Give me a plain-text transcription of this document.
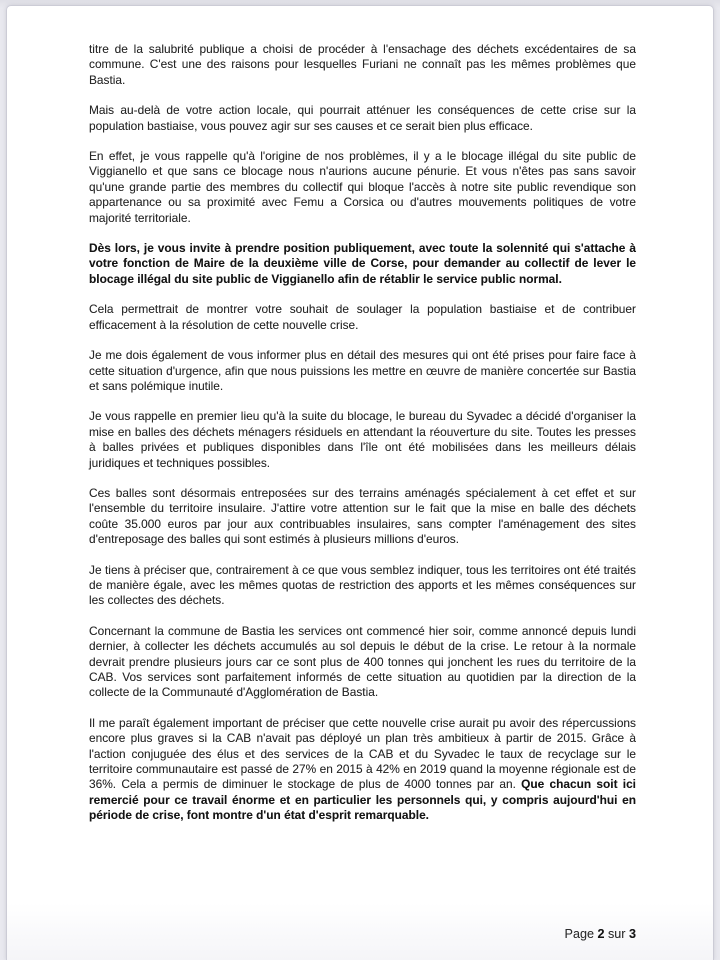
titre de la salubrité publique a choisi de procéder à l'ensachage des déchets excédentaires de sa commune. C'est une des raisons pour lesquelles Furiani ne connaît pas les mêmes problèmes que Bastia.
Mais au-delà de votre action locale, qui pourrait atténuer les conséquences de cette crise sur la population bastiaise, vous pouvez agir sur ses causes et ce serait bien plus efficace.
En effet, je vous rappelle qu'à l'origine de nos problèmes, il y a le blocage illégal du site public de Viggianello et que sans ce blocage nous n'aurions aucune pénurie. Et vous n'êtes pas sans savoir qu'une grande partie des membres du collectif qui bloque l'accès à notre site public revendique son appartenance ou sa proximité avec Femu a Corsica ou d'autres mouvements politiques de votre majorité territoriale.
Dès lors, je vous invite à prendre position publiquement, avec toute la solennité qui s'attache à votre fonction de Maire de la deuxième ville de Corse, pour demander au collectif de lever le blocage illégal du site public de Viggianello afin de rétablir le service public normal.
Cela permettrait de montrer votre souhait de soulager la population bastiaise et de contribuer efficacement à la résolution de cette nouvelle crise.
Je me dois également de vous informer plus en détail des mesures qui ont été prises pour faire face à cette situation d'urgence, afin que nous puissions les mettre en œuvre de manière concertée sur Bastia et sans polémique inutile.
Je vous rappelle en premier lieu qu'à la suite du blocage, le bureau du Syvadec a décidé d'organiser la mise en balles des déchets ménagers résiduels en attendant la réouverture du site. Toutes les presses à balles privées et publiques disponibles dans l'île ont été mobilisées dans les meilleurs délais juridiques et techniques possibles.
Ces balles sont désormais entreposées sur des terrains aménagés spécialement à cet effet et sur l'ensemble du territoire insulaire. J'attire votre attention sur le fait que la mise en balle des déchets coûte 35.000 euros par jour aux contribuables insulaires, sans compter l'aménagement des sites d'entreposage des balles qui sont estimés à plusieurs millions d'euros.
Je tiens à préciser que, contrairement à ce que vous semblez indiquer, tous les territoires ont été traités de manière égale, avec les mêmes quotas de restriction des apports et les mêmes conséquences sur les collectes des déchets.
Concernant la commune de Bastia les services ont commencé hier soir, comme annoncé depuis lundi dernier, à collecter les déchets accumulés au sol depuis le début de la crise. Le retour à la normale devrait prendre plusieurs jours car ce sont plus de 400 tonnes qui jonchent les rues du territoire de la CAB. Vos services sont parfaitement informés de cette situation au quotidien par la direction de la collecte de la Communauté d'Agglomération de Bastia.
Il me paraît également important de préciser que cette nouvelle crise aurait pu avoir des répercussions encore plus graves si la CAB n'avait pas déployé un plan très ambitieux à partir de 2015. Grâce à l'action conjuguée des élus et des services de la CAB et du Syvadec le taux de recyclage sur le territoire communautaire est passé de 27% en 2015 à 42% en 2019 quand la moyenne régionale est de 36%. Cela a permis de diminuer le stockage de plus de 4000 tonnes par an. Que chacun soit ici remercié pour ce travail énorme et en particulier les personnels qui, y compris aujourd'hui en période de crise, font montre d'un état d'esprit remarquable.
Page 2 sur 3
